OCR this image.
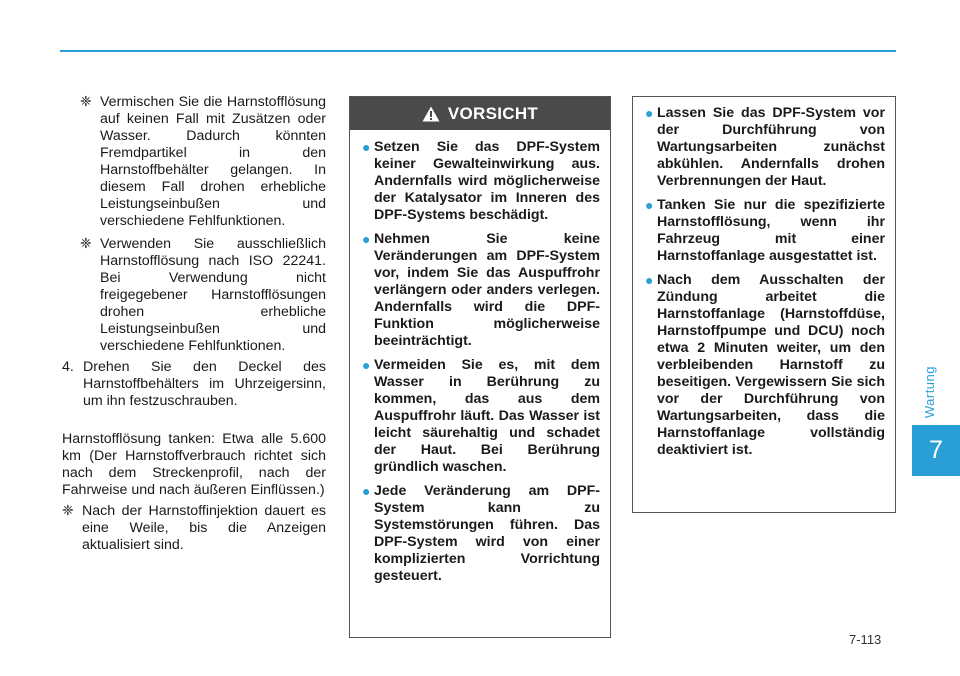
Wartung
7
❈ Vermischen Sie die Harnstofflösung auf keinen Fall mit Zusätzen oder Wasser. Dadurch könnten Fremdpartikel in den Harnstoffbehälter gelangen. In diesem Fall drohen erhebliche Leistungseinbußen und verschiedene Fehlfunktionen.
❈ Verwenden Sie ausschließlich Harnstofflösung nach ISO 22241. Bei Verwendung nicht freigegebener Harnstofflösungen drohen erhebliche Leistungseinbußen und verschiedene Fehlfunktionen.
4. Drehen Sie den Deckel des Harnstoffbehälters im Uhrzeigersinn, um ihn festzuschrauben.

Harnstofflösung tanken: Etwa alle 5.600 km (Der Harnstoffverbrauch richtet sich nach dem Streckenprofil, nach der Fahrweise und nach äußeren Einflüssen.)

❈ Nach der Harnstoffinjektion dauert es eine Weile, bis die Anzeigen aktualisiert sind.
VORSICHT
● Setzen Sie das DPF-System keiner Gewalteinwirkung aus. Andernfalls wird möglicherweise der Katalysator im Inneren des DPF-Systems beschädigt.
● Nehmen Sie keine Veränderungen am DPF-System vor, indem Sie das Auspuffrohr verlängern oder anders verlegen. Andernfalls wird die DPF-Funktion möglicherweise beeinträchtigt.
● Vermeiden Sie es, mit dem Wasser in Berührung zu kommen, das aus dem Auspuffrohr läuft. Das Wasser ist leicht säurehaltig und schadet der Haut. Bei Berührung gründlich waschen.
● Jede Veränderung am DPF-System kann zu Systemstörungen führen. Das DPF-System wird von einer komplizierten Vorrichtung gesteuert.
● Lassen Sie das DPF-System vor der Durchführung von Wartungsarbeiten zunächst abkühlen. Andernfalls drohen Verbrennungen der Haut.
● Tanken Sie nur die spezifizierte Harnstofflösung, wenn ihr Fahrzeug mit einer Harnstoffanlage ausgestattet ist.
● Nach dem Ausschalten der Zündung arbeitet die Harnstoffanlage (Harnstoffdüse, Harnstoffpumpe und DCU) noch etwa 2 Minuten weiter, um den verbleibenden Harnstoff zu beseitigen. Vergewissern Sie sich vor der Durchführung von Wartungsarbeiten, dass die Harnstoffanlage vollständig deaktiviert ist.
7-113
